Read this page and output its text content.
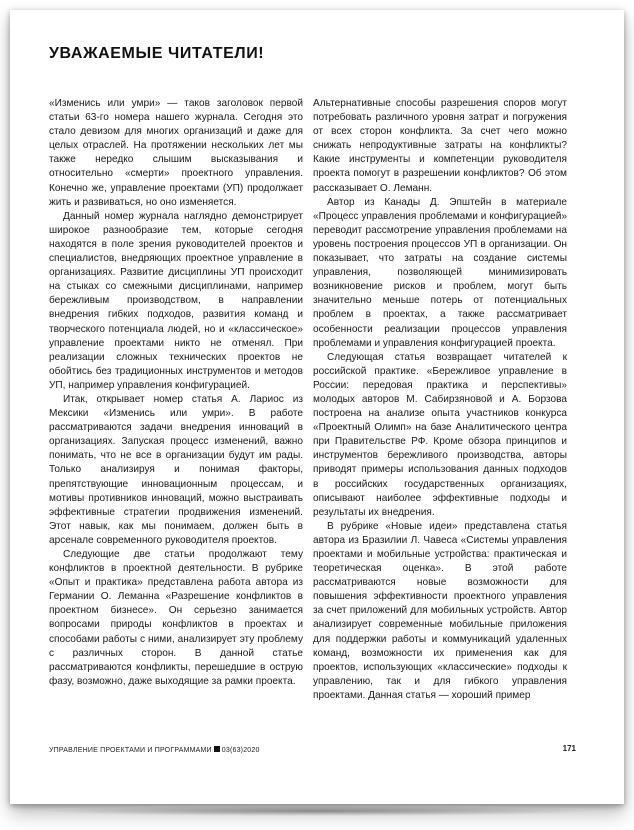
УВАЖАЕМЫЕ ЧИТАТЕЛИ!

«Изменись или умри» — таков заголовок первой статьи 63-го номера нашего журнала. Сегодня это стало девизом для многих организаций и даже для целых отраслей. На протяжении нескольких лет мы также нередко слышим высказывания и относительно «смерти» проектного управления. Конечно же, управление проектами (УП) продолжает жить и развиваться, но оно изменяется.

Данный номер журнала наглядно демонстрирует широкое разнообразие тем, которые сегодня находятся в поле зрения руководителей проектов и специалистов, внедряющих проектное управление в организациях. Развитие дисциплины УП происходит на стыках со смежными дисциплинами, например бережливым производством, в направлении внедрения гибких подходов, развития команд и творческого потенциала людей, но и «классическое» управление проектами никто не отменял. При реализации сложных технических проектов не обойтись без традиционных инструментов и методов УП, например управления конфигурацией.

Итак, открывает номер статья А. Лариос из Мексики «Изменись или умри». В работе рассматриваются задачи внедрения инноваций в организациях. Запуская процесс изменений, важно понимать, что не все в организации будут им рады. Только анализируя и понимая факторы, препятствующие инновационным процессам, и мотивы противников инноваций, можно выстраивать эффективные стратегии продвижения изменений. Этот навык, как мы понимаем, должен быть в арсенале современного руководителя проектов.

Следующие две статьи продолжают тему конфликтов в проектной деятельности. В рубрике «Опыт и практика» представлена работа автора из Германии О. Леманна «Разрешение конфликтов в проектном бизнесе». Он серьезно занимается вопросами природы конфликтов в проектах и способами работы с ними, анализирует эту проблему с различных сторон. В данной статье рассматриваются конфликты, перешедшие в острую фазу, возможно, даже выходящие за рамки проекта.

Альтернативные способы разрешения споров могут потребовать различного уровня затрат и погружения от всех сторон конфликта. За счет чего можно снижать непродуктивные затраты на конфликты? Какие инструменты и компетенции руководителя проекта помогут в разрешении конфликтов? Об этом рассказывает О. Леманн.

Автор из Канады Д. Эпштейн в материале «Процесс управления проблемами и конфигурацией» переводит рассмотрение управления проблемами на уровень построения процессов УП в организации. Он показывает, что затраты на создание системы управления, позволяющей минимизировать возникновение рисков и проблем, могут быть значительно меньше потерь от потенциальных проблем в проектах, а также рассматривает особенности реализации процессов управления проблемами и управления конфигурацией проекта.

Следующая статья возвращает читателей к российской практике. «Бережливое управление в России: передовая практика и перспективы» молодых авторов М. Сабирзяновой и А. Борзова построена на анализе опыта участников конкурса «Проектный Олимп» на базе Аналитического центра при Правительстве РФ. Кроме обзора принципов и инструментов бережливого производства, авторы приводят примеры использования данных подходов в российских государственных организациях, описывают наиболее эффективные подходы и результаты их внедрения.

В рубрике «Новые идеи» представлена статья автора из Бразилии Л. Чавеса «Системы управления проектами и мобильные устройства: практическая и теоретическая оценка». В этой работе рассматриваются новые возможности для повышения эффективности проектного управления за счет приложений для мобильных устройств. Автор анализирует современные мобильные приложения для поддержки работы и коммуникаций удаленных команд, возможности их применения как для проектов, использующих «классические» подходы к управлению, так и для гибкого управления проектами. Данная статья — хороший пример

УПРАВЛЕНИЕ ПРОЕКТАМИ И ПРОГРАММАМИ 03(63)2020	171
